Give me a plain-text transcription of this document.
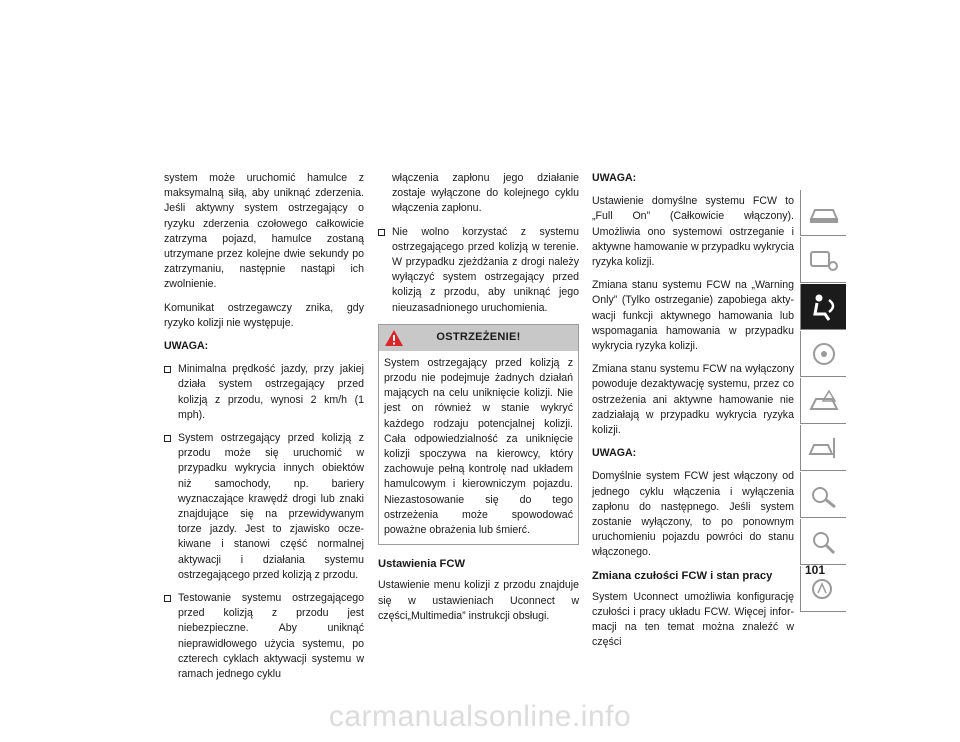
system może uruchomić hamulce z maksymalną siłą, aby uniknąć zderzenia. Jeśli aktywny system ostrzegający o ryzyku zderzenia czołowego całkowicie zatrzyma pojazd, hamulce zostaną utrzymane przez kolejne dwie sekundy po zatrzymaniu, następnie nastąpi ich zwolnienie.

Komunikat ostrzegawczy znika, gdy ryzyko kolizji nie występuje.

UWAGA:

Minimalna prędkość jazdy, przy jakiej działa system ostrzegający przed kolizją z przodu, wynosi 2 km/h (1 mph).
System ostrzegający przed kolizją z przodu może się uruchomić w przypadku wykrycia innych obiektów niż samochody, np. bariery wyznaczające krawędź drogi lub znaki znajdujące się na przewidywanym torze jazdy. Jest to zjawisko oczekiwane i stanowi część normalnej aktywacji i działania systemu ostrzegającego przed kolizją z przodu.
Testowanie systemu ostrzegającego przed kolizją z przodu jest niebezpieczne. Aby uniknąć nieprawidłowego użycia systemu, po czterech cyklach aktywacji systemu w ramach jednego cyklu

włączenia zapłonu jego działanie zostaje wyłączone do kolejnego cyklu włączenia zapłonu.

Nie wolno korzystać z systemu ostrzegającego przed kolizją w terenie. W przypadku zjeżdżania z drogi należy wyłączyć system ostrzegający przed kolizją z przodu, aby uniknąć jego nieuzasadnionego uruchomienia.
OSTRZEŻENIE!
System ostrzegający przed kolizją z przodu nie podejmuje żadnych działań mających na celu uniknięcie kolizji. Nie jest on również w stanie wykryć każdego rodzaju potencjalnej kolizji. Cała odpowiedzialność za uniknięcie kolizji spoczywa na kierowcy, który zachowuje pełną kontrolę nad układem hamulcowym i kierowniczym pojazdu. Niezastosowanie się do tego ostrzeżenia może spowodować poważne obrażenia lub śmierć.
Ustawienia FCW

Ustawienie menu kolizji z przodu znajduje się w ustawieniach Uconnect w części„Multimedia” instrukcji obsługi.

UWAGA:

Ustawienie domyślne systemu FCW to „Full On” (Całkowicie włączony). Umożliwia ono systemowi ostrzeganie i aktywne hamowanie w przypadku wykrycia ryzyka kolizji.

Zmiana stanu systemu FCW na „Warning Only” (Tylko ostrzeganie) zapobiega aktywacji funkcji aktywnego hamowania lub wspomagania hamowania w przypadku wykrycia ryzyka kolizji.

Zmiana stanu systemu FCW na wyłączony powoduje dezaktywację systemu, przez co ostrzeżenia ani aktywne hamowanie nie zadziałają w przypadku wykrycia ryzyka kolizji.

UWAGA:

Domyślnie system FCW jest włączony od jednego cyklu włączenia i wyłączenia zapłonu do następnego. Jeśli system zostanie wyłączony, to po ponownym uruchomieniu pojazdu powróci do stanu włączonego.

Zmiana czułości FCW i stan pracy

System Uconnect umożliwia konfigurację czułości i pracy układu FCW. Więcej informacji na ten temat można znaleźć w części

101
carmanualsonline.info
